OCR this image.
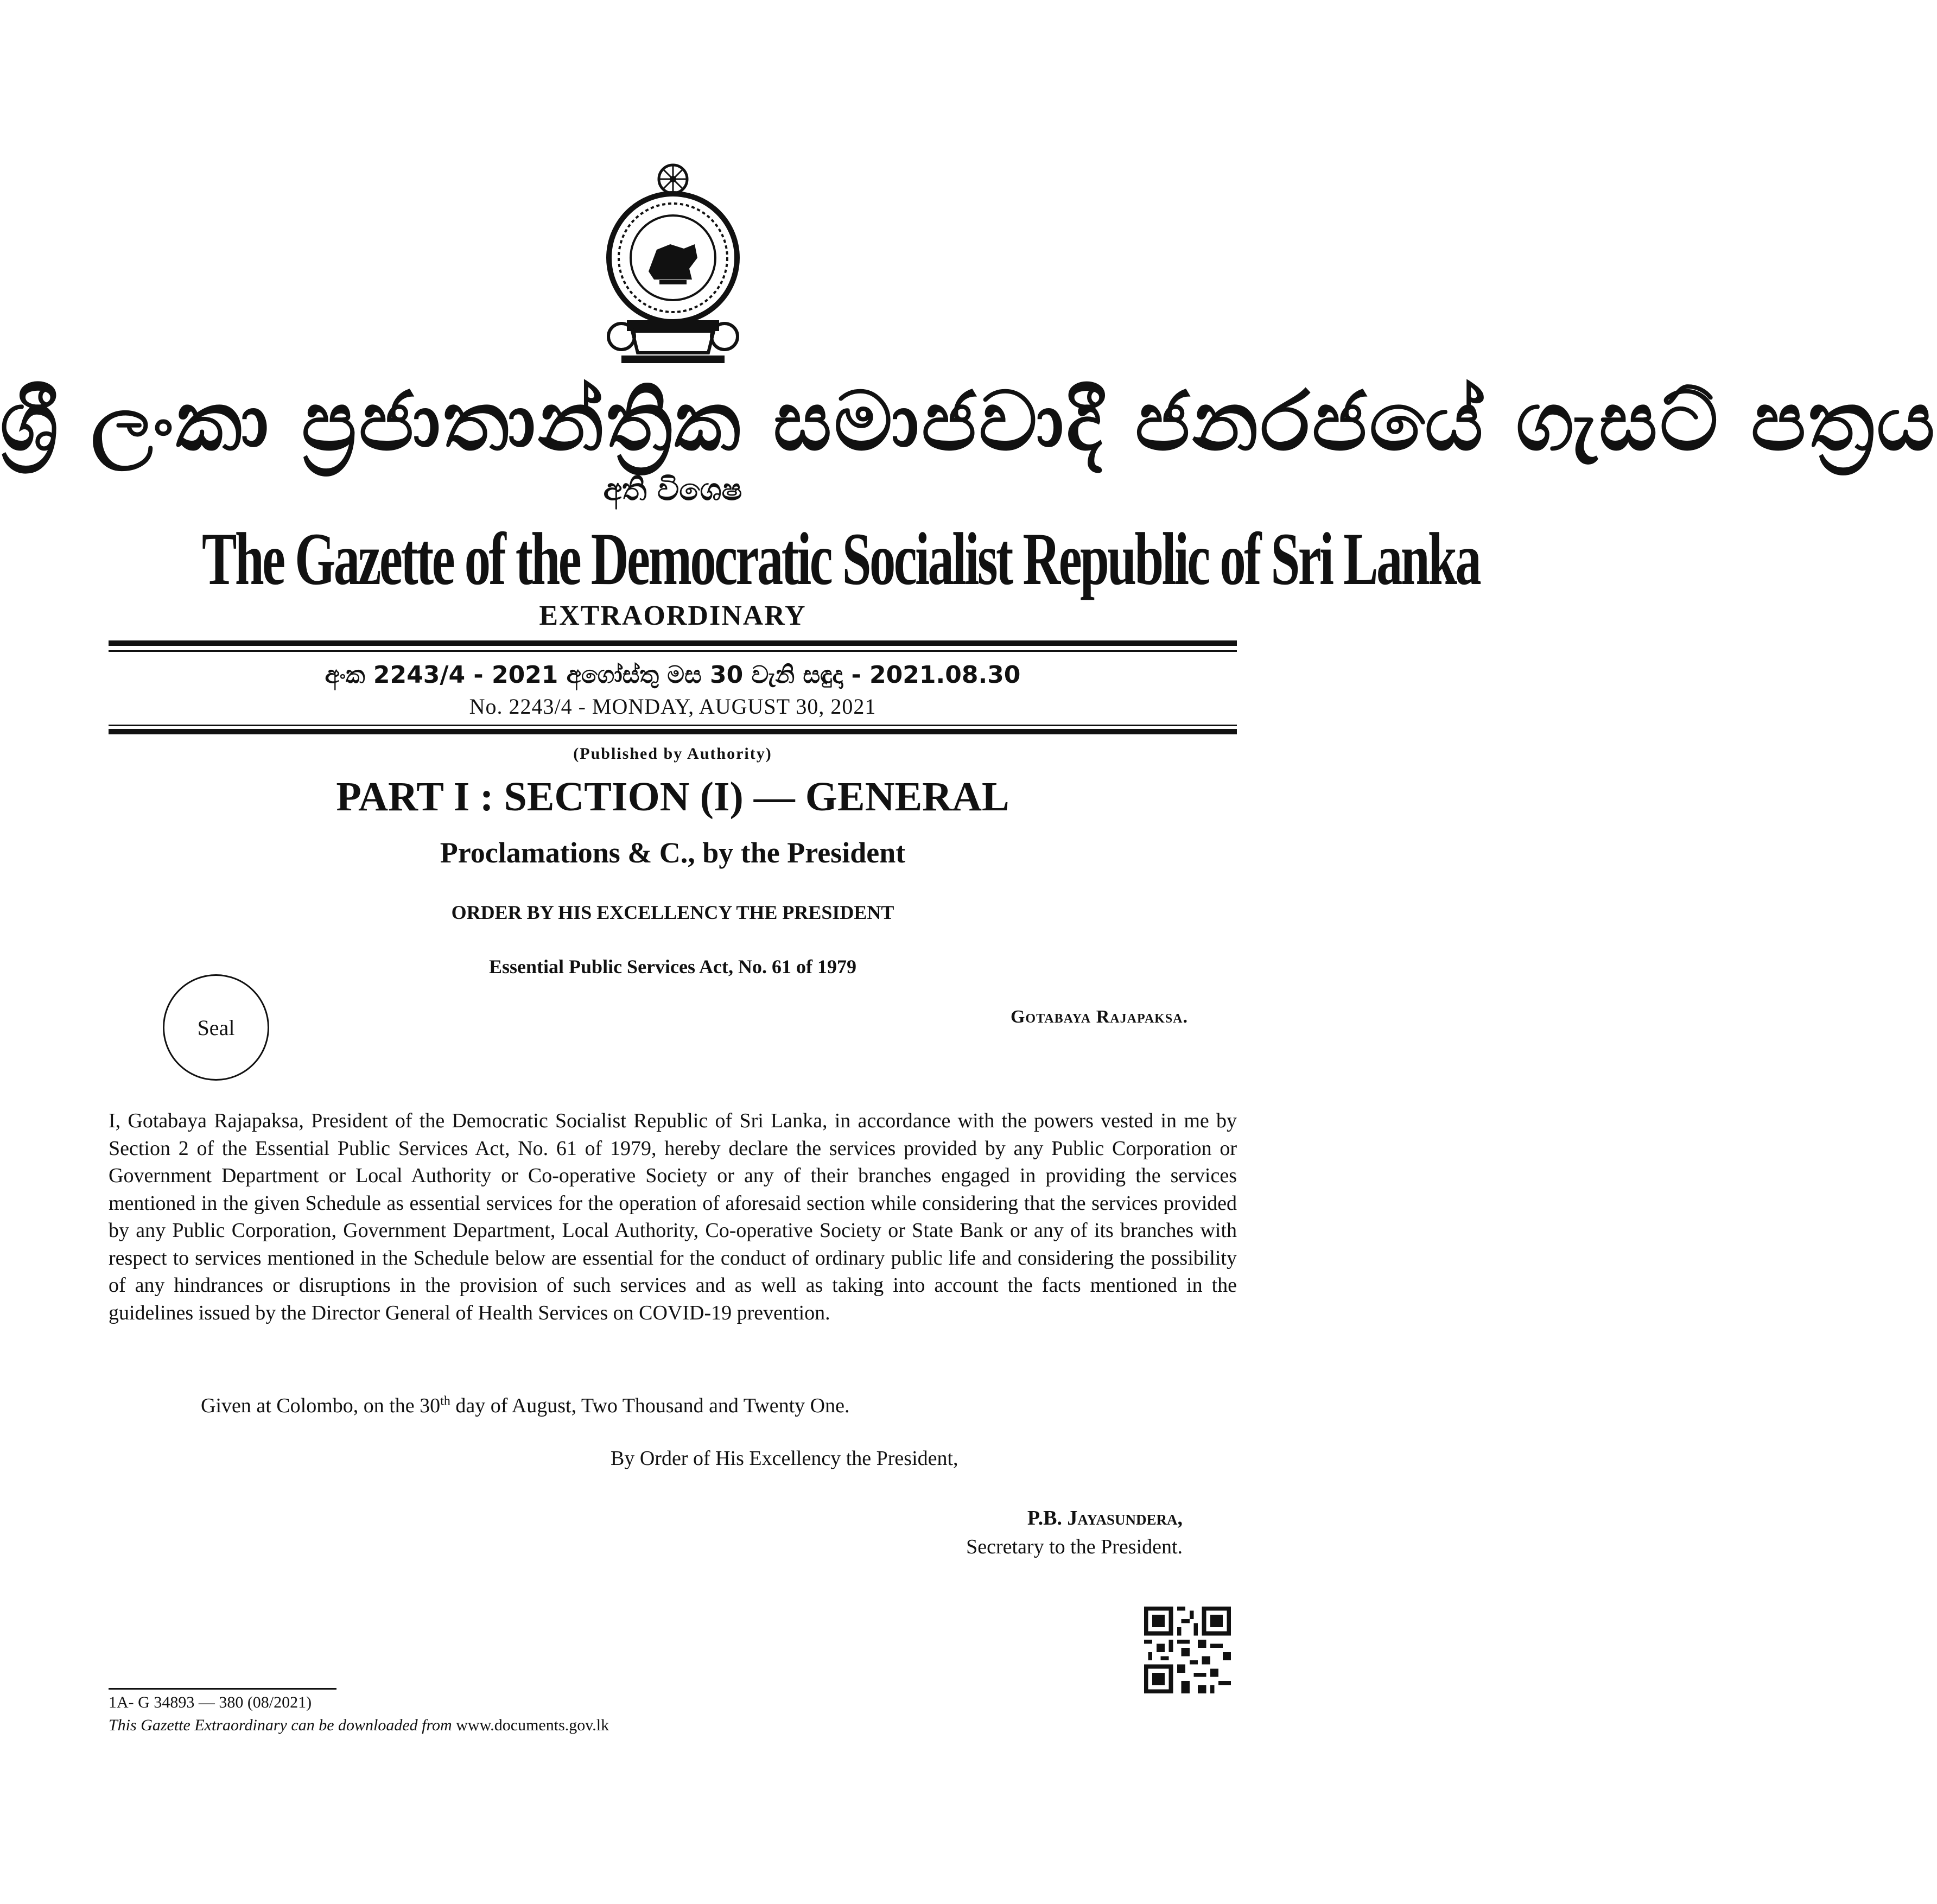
ශ්‍රී ලංකා ප්‍රජාතාන්ත්‍රික සමාජවාදී ජනරජයේ ගැසට් පත්‍රය
අති විශෙෂ
The Gazette of the Democratic Socialist Republic of Sri Lanka
EXTRAORDINARY
අංක 2243/4 - 2021 අගෝස්තු මස 30 වැනි සඳුදා - 2021.08.30
No. 2243/4 - MONDAY, AUGUST 30, 2021
(Published by Authority)
PART I : SECTION (I) — GENERAL
Proclamations & C., by the President
ORDER BY HIS EXCELLENCY THE PRESIDENT
Essential Public Services Act, No. 61 of 1979
Seal	Gotabaya Rajapaksa.
I, Gotabaya Rajapaksa, President of the Democratic Socialist Republic of Sri Lanka, in accordance with the powers vested in me by Section 2 of the Essential Public Services Act, No. 61 of 1979, hereby declare the services provided by any Public Corporation or Government Department or Local Authority or Co-operative Society or any of their branches engaged in providing the services mentioned in the given Schedule as essential services for the operation of aforesaid section while considering that the services provided by any Public Corporation, Government Department, Local Authority, Co-operative Society or State Bank or any of its branches with respect to services mentioned in the Schedule below are essential for the conduct of ordinary public life and considering the possibility of any hindrances or disruptions in the provision of such services and as well as taking into account the facts mentioned in the guidelines issued by the Director General of Health Services on COVID-19 prevention.
Given at Colombo, on the 30th day of August, Two Thousand and Twenty One.
By Order of His Excellency the President,
P.B. Jayasundera,
Secretary to the President.
1A- G 34893 — 380 (08/2021)
This Gazette Extraordinary can be downloaded from www.documents.gov.lk
